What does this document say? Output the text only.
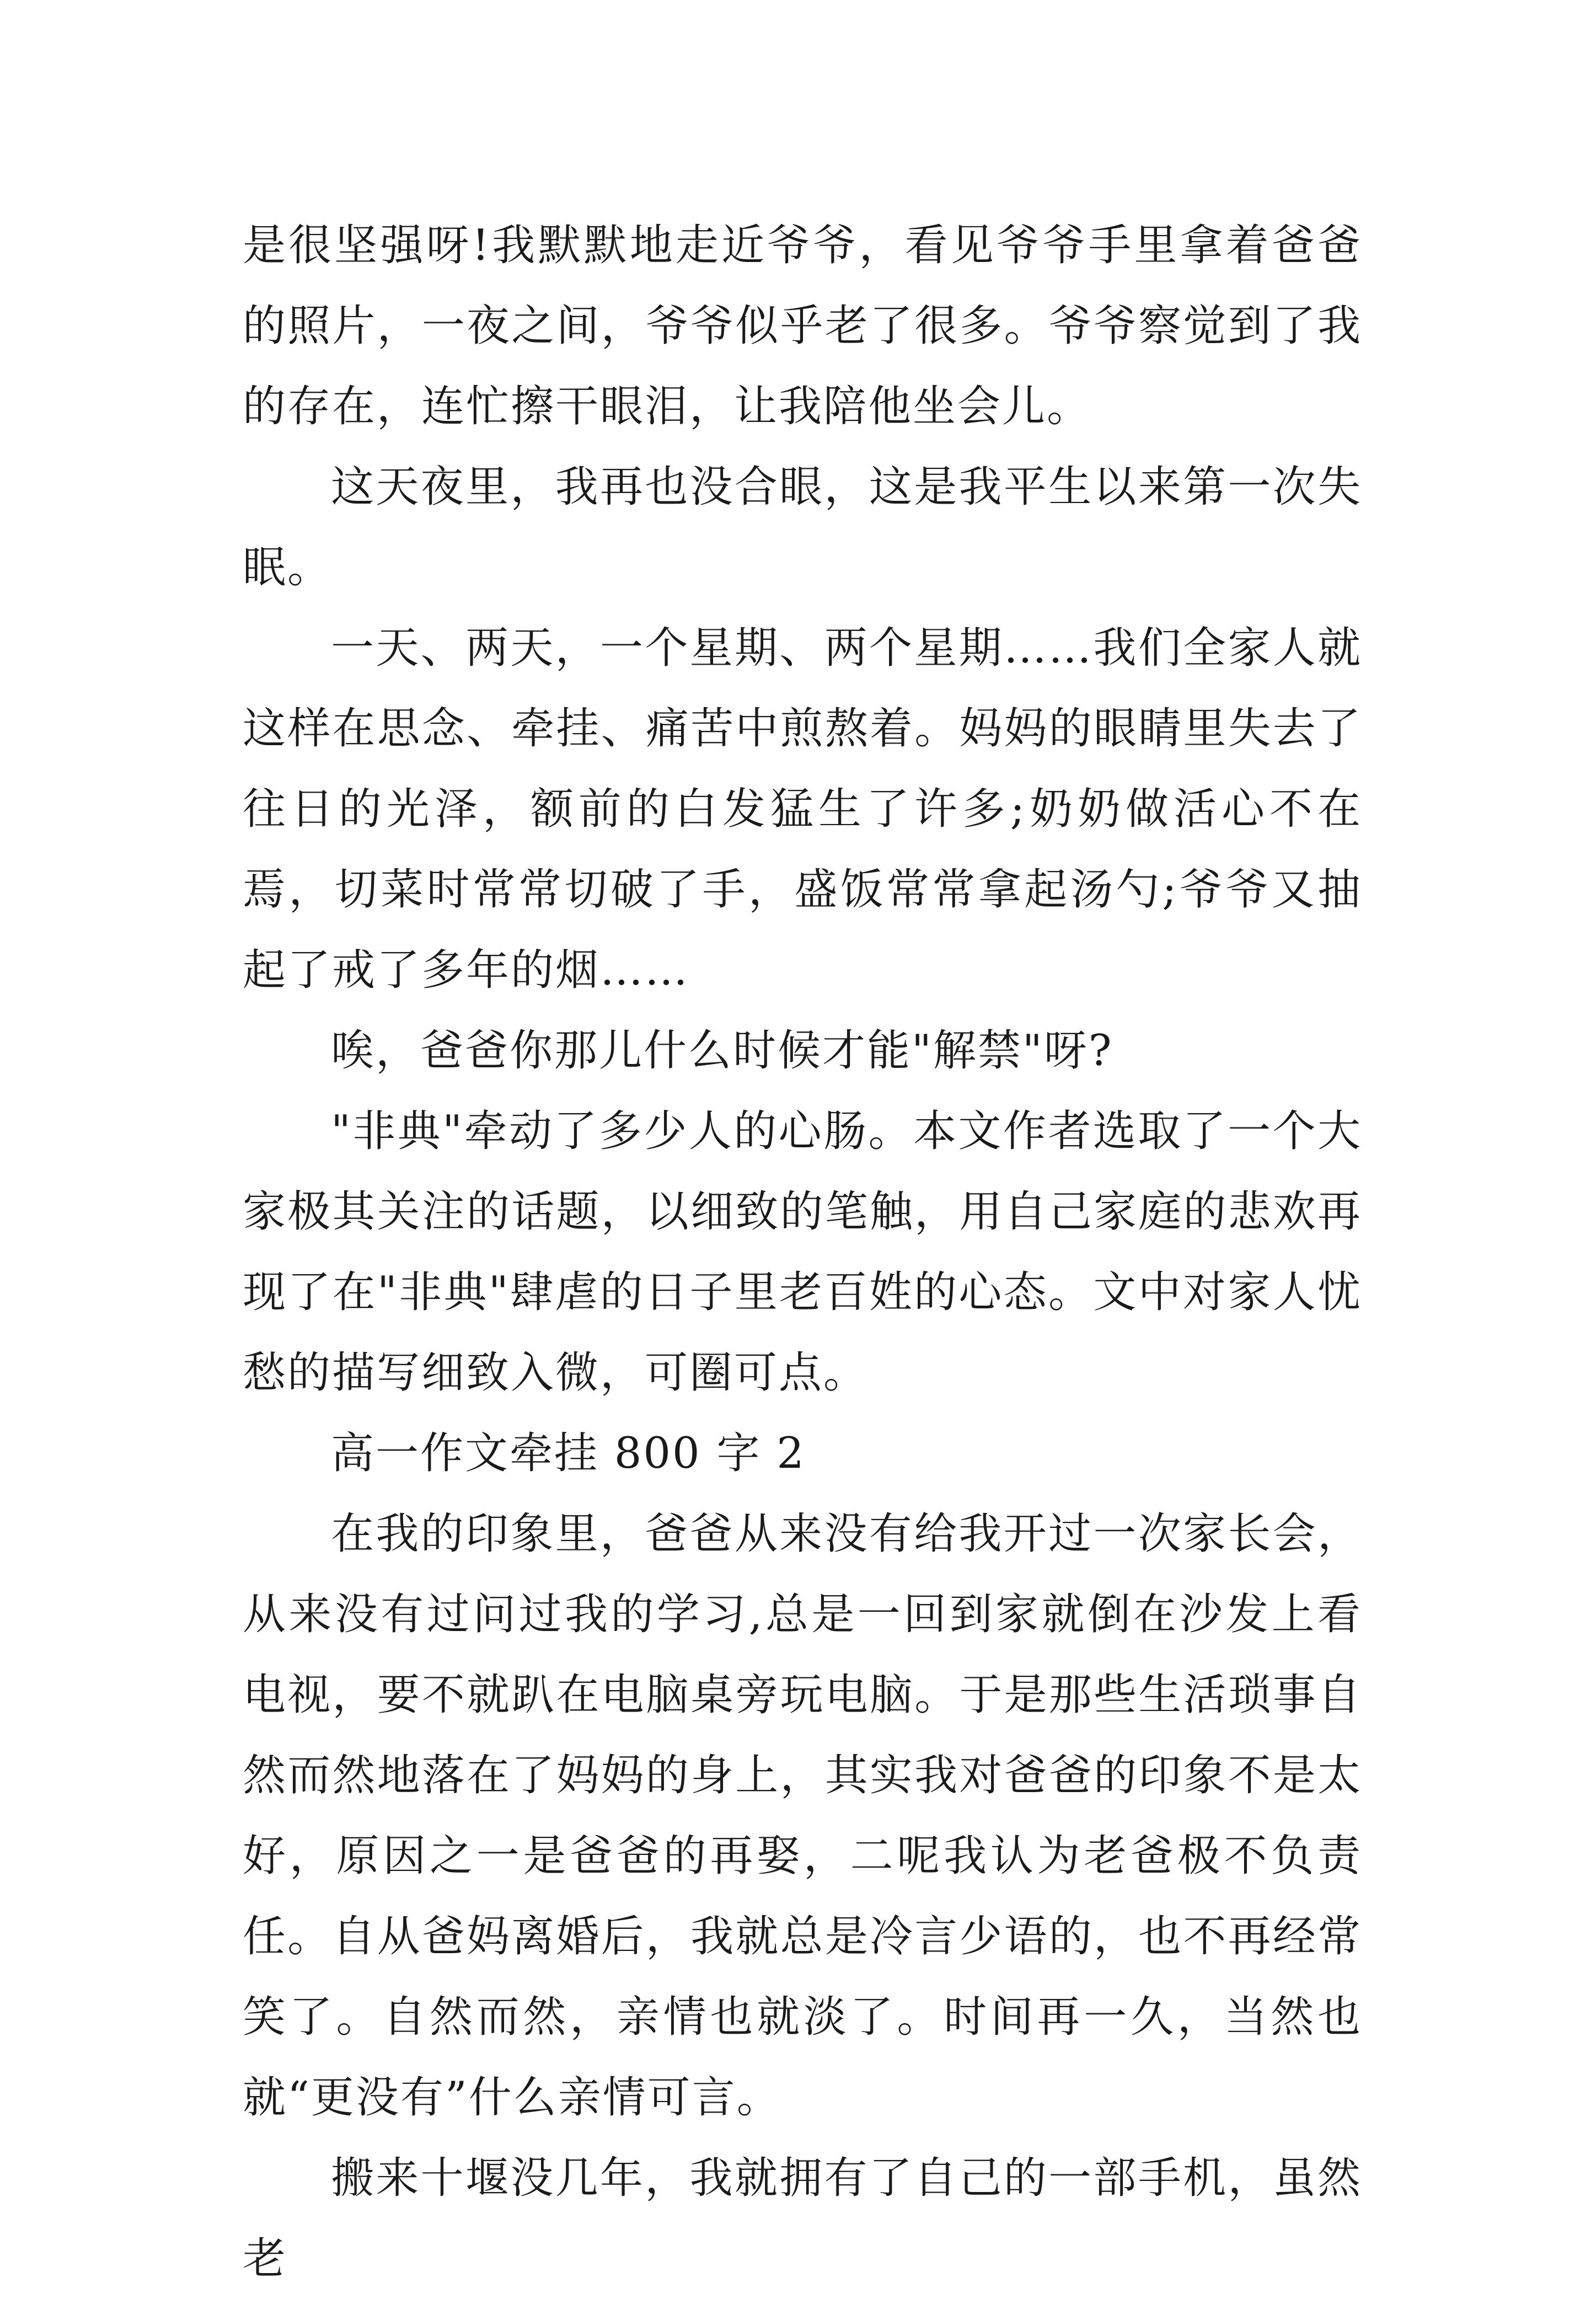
是很坚强呀!我默默地走近爷爷，看见爷爷手里拿着爸爸的照片，一夜之间，爷爷似乎老了很多。爷爷察觉到了我的存在，连忙擦干眼泪，让我陪他坐会儿。

这天夜里，我再也没合眼，这是我平生以来第一次失眠。

一天、两天，一个星期、两个星期……我们全家人就这样在思念、牵挂、痛苦中煎熬着。妈妈的眼睛里失去了往日的光泽，额前的白发猛生了许多;奶奶做活心不在焉，切菜时常常切破了手，盛饭常常拿起汤勺;爷爷又抽起了戒了多年的烟……

唉，爸爸你那儿什么时候才能"解禁"呀?

"非典"牵动了多少人的心肠。本文作者选取了一个大家极其关注的话题，以细致的笔触，用自己家庭的悲欢再现了在"非典"肆虐的日子里老百姓的心态。文中对家人忧愁的描写细致入微，可圈可点。

高一作文牵挂 800 字 2

在我的印象里，爸爸从来没有给我开过一次家长会，从来没有过问过我的学习,总是一回到家就倒在沙发上看电视，要不就趴在电脑桌旁玩电脑。于是那些生活琐事自然而然地落在了妈妈的身上，其实我对爸爸的印象不是太好，原因之一是爸爸的再娶，二呢我认为老爸极不负责任。自从爸妈离婚后，我就总是冷言少语的，也不再经常笑了。自然而然，亲情也就淡了。时间再一久，当然也就“更没有”什么亲情可言。

搬来十堰没几年，我就拥有了自己的一部手机，虽然老
